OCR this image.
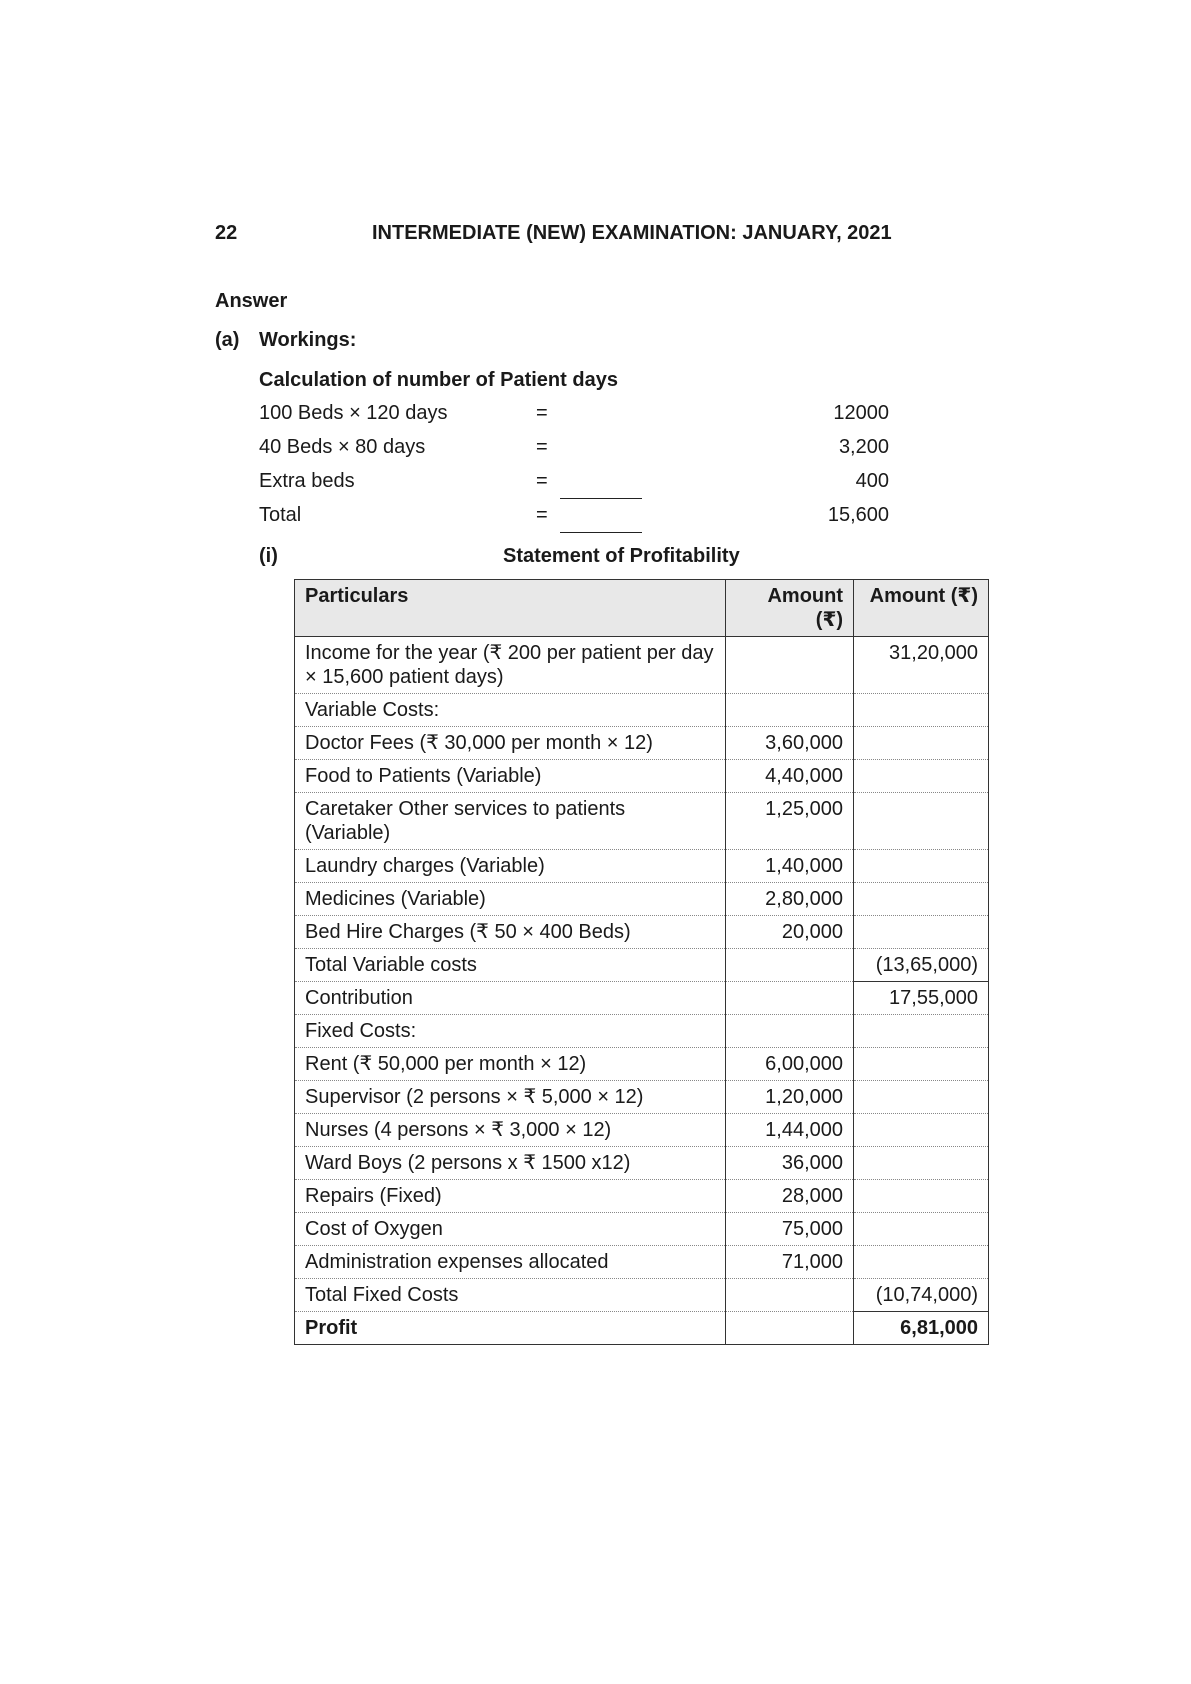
22	INTERMEDIATE (NEW) EXAMINATION: JANUARY, 2021
Answer
(a) Workings:
Calculation of number of Patient days
100 Beds × 120 days	=	12000
40 Beds × 80 days	=	3,200
Extra beds	=	400
Total	=	15,600
(i)	Statement of Profitability
Particulars	Amount (₹)	Amount (₹)
Income for the year (₹ 200 per patient per day × 15,600 patient days)		31,20,000
Variable Costs:		
Doctor Fees (₹ 30,000 per month × 12)	3,60,000	
Food to Patients (Variable)	4,40,000	
Caretaker Other services to patients (Variable)	1,25,000	
Laundry charges (Variable)	1,40,000	
Medicines (Variable)	2,80,000	
Bed Hire Charges (₹ 50 × 400 Beds)	20,000	
Total Variable costs		(13,65,000)
Contribution		17,55,000
Fixed Costs:		
Rent (₹ 50,000 per month × 12)	6,00,000	
Supervisor (2 persons × ₹ 5,000 × 12)	1,20,000	
Nurses (4 persons × ₹ 3,000 × 12)	1,44,000	
Ward Boys (2 persons x ₹ 1500 x12)	36,000	
Repairs (Fixed)	28,000	
Cost of Oxygen	75,000	
Administration expenses allocated	71,000	
Total Fixed Costs		(10,74,000)
Profit		6,81,000
